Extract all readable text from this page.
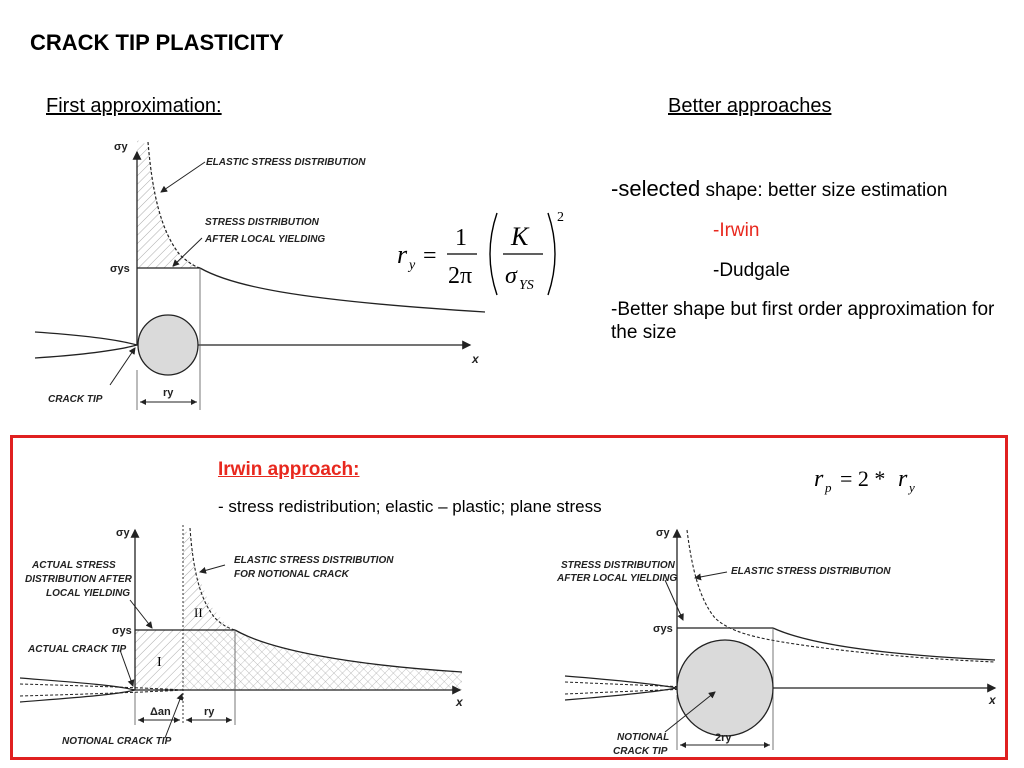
CRACK TIP PLASTICITY
First approximation:	Better approaches
σy
σys
ELASTIC STRESS DISTRIBUTION
STRESS DISTRIBUTION
AFTER LOCAL YIELDING
CRACK TIP
ry
x
r y =
1
2π
K
σ YS
2
-selected shape: better size estimation
-Irwin
-Dudgale
-Better shape but first order approximation for the size
Irwin approach:
- stress redistribution; elastic – plastic; plane stress
r p = 2 * r y
σy
σys
ACTUAL STRESS
DISTRIBUTION AFTER
LOCAL YIELDING
ELASTIC STRESS DISTRIBUTION
FOR NOTIONAL CRACK
ACTUAL CRACK TIP
NOTIONAL CRACK TIP
I
II
Δan	ry
x
σy
σys
STRESS DISTRIBUTION
AFTER LOCAL YIELDING
ELASTIC STRESS DISTRIBUTION
NOTIONAL
CRACK TIP
2ry
x
